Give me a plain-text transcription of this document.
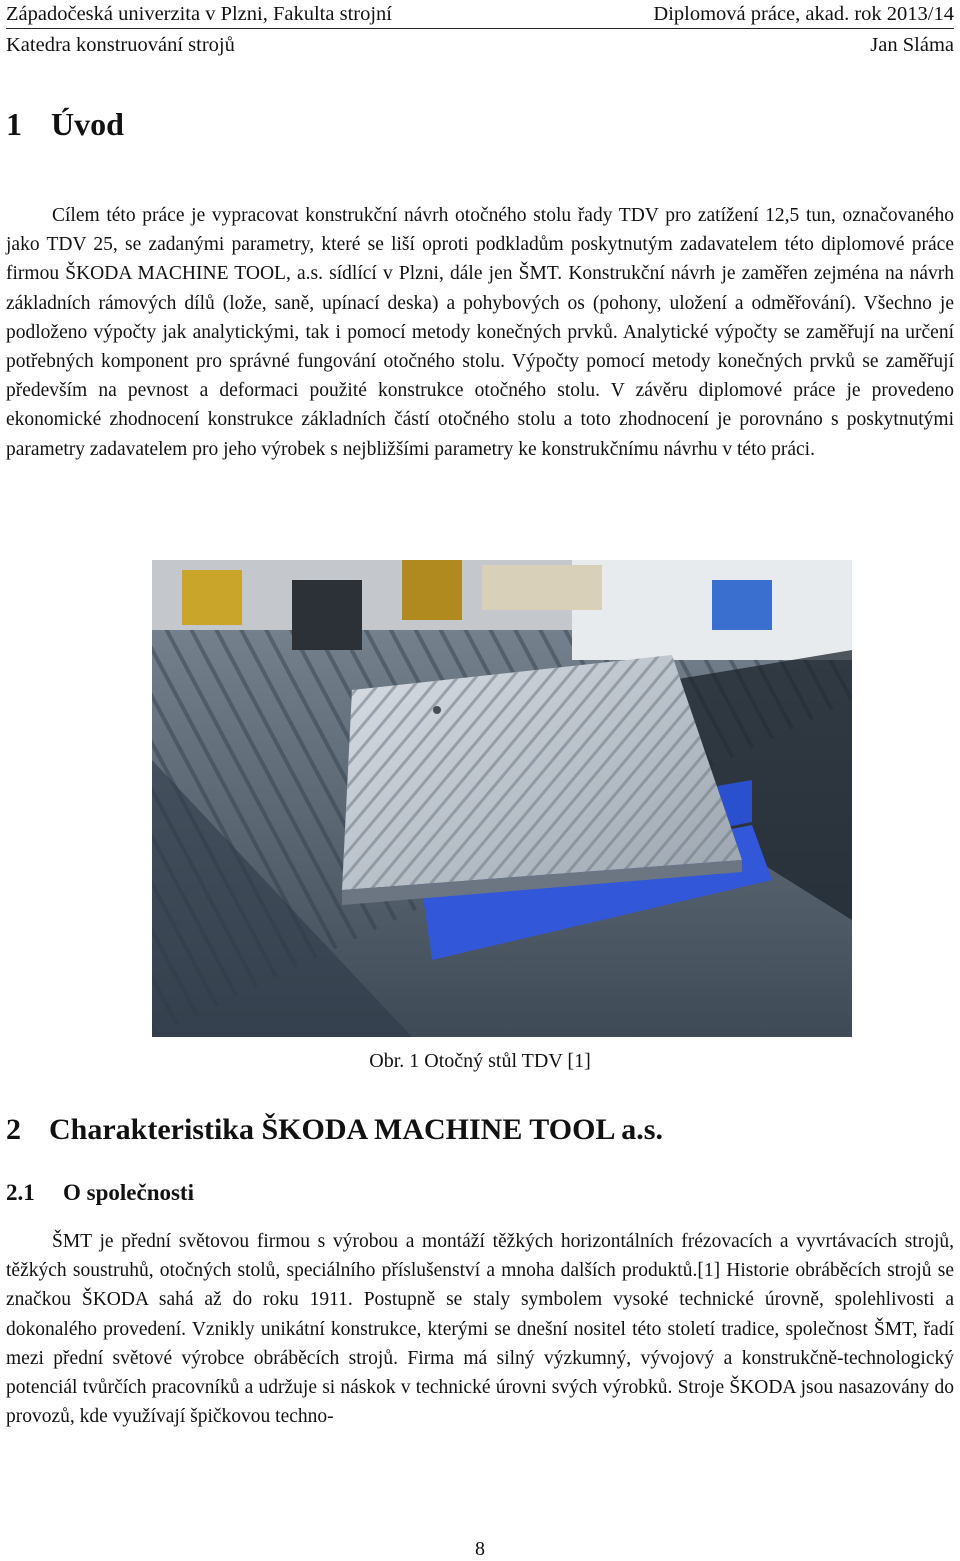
Západočeská univerzita v Plzni, Fakulta strojní	Diplomová práce, akad. rok 2013/14
Katedra konstruování strojů	Jan Sláma
1 Úvod

Cílem této práce je vypracovat konstrukční návrh otočného stolu řady TDV pro zatížení 12,5 tun, označovaného jako TDV 25, se zadanými parametry, které se liší oproti podkladům poskytnutým zadavatelem této diplomové práce firmou ŠKODA MACHINE TOOL, a.s. sídlící v Plzni, dále jen ŠMT. Konstrukční návrh je zaměřen zejména na návrh základních rámových dílů (lože, saně, upínací deska) a pohybových os (pohony, uložení a odměřování). Všechno je podloženo výpočty jak analytickými, tak i pomocí metody konečných prvků. Analytické výpočty se zaměřují na určení potřebných komponent pro správné fungování otočného stolu. Výpočty pomocí metody konečných prvků se zaměřují především na pevnost a deformaci použité konstrukce otočného stolu. V závěru diplomové práce je provedeno ekonomické zhodnocení konstrukce základních částí otočného stolu a toto zhodnocení je porovnáno s poskytnutými parametry zadavatelem pro jeho výrobek s nejbližšími parametry ke konstrukčnímu návrhu v této práci.

Obr. 1 Otočný stůl TDV [1]
2 Charakteristika ŠKODA MACHINE TOOL a.s.
2.1 O společnosti

ŠMT je přední světovou firmou s výrobou a montáží těžkých horizontálních frézovacích a vyvrtávacích strojů, těžkých soustruhů, otočných stolů, speciálního příslušenství a mnoha dalších produktů.[1] Historie obráběcích strojů se značkou ŠKODA sahá až do roku 1911. Postupně se staly symbolem vysoké technické úrovně, spolehlivosti a dokonalého provedení. Vznikly unikátní konstrukce, kterými se dnešní nositel této století tradice, společnost ŠMT, řadí mezi přední světové výrobce obráběcích strojů. Firma má silný výzkumný, vývojový a konstrukčně-technologický potenciál tvůrčích pracovníků a udržuje si náskok v technické úrovni svých výrobků. Stroje ŠKODA jsou nasazovány do provozů, kde využívají špičkovou techno-

8
